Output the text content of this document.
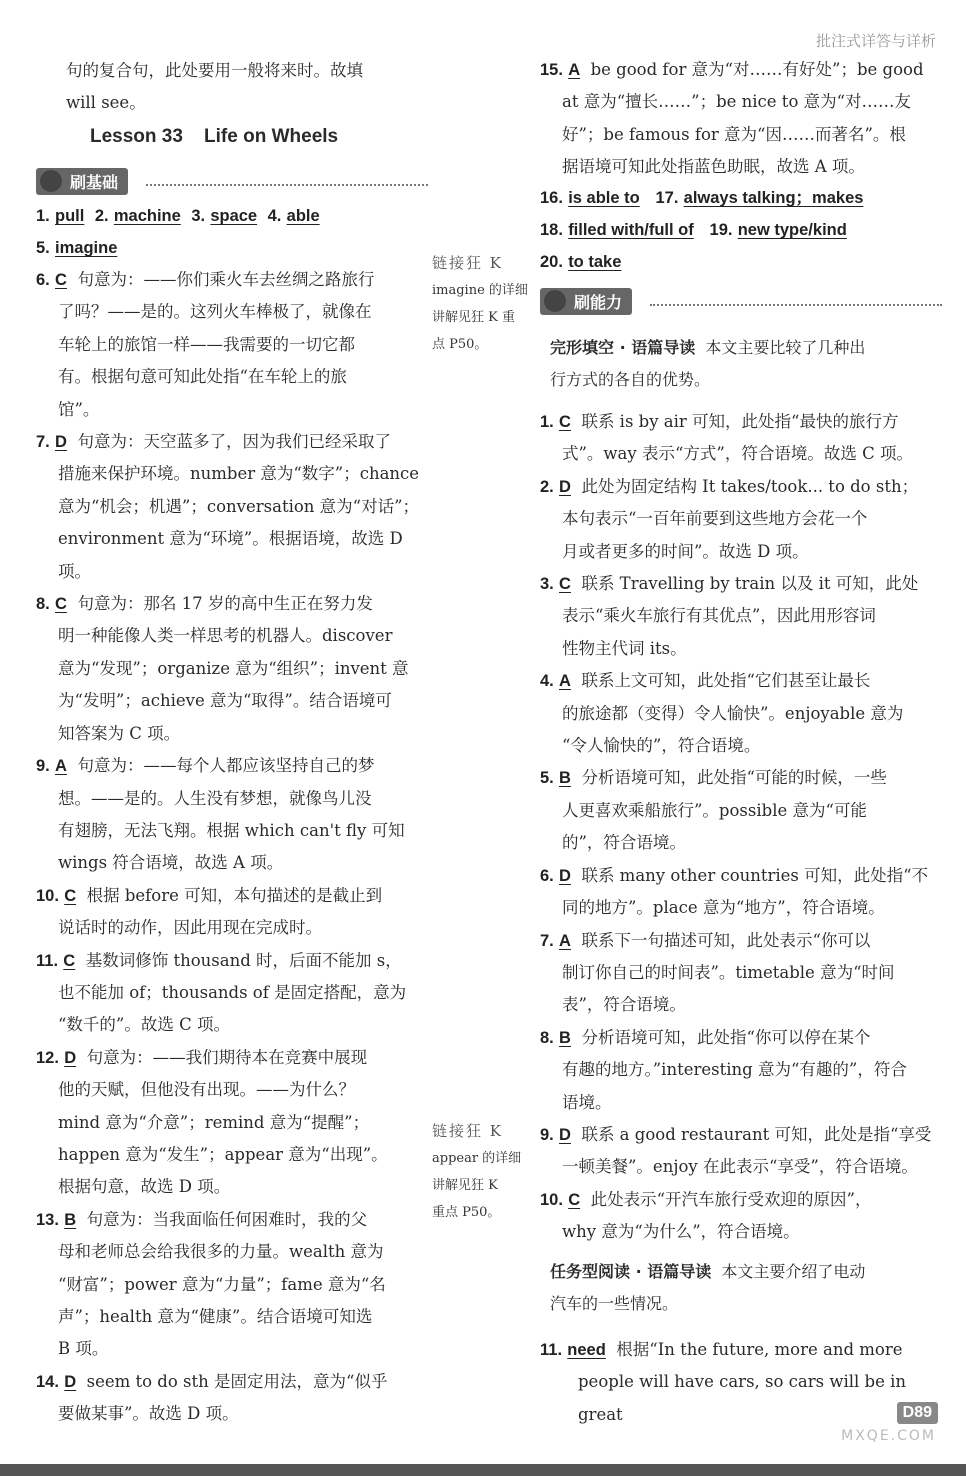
批注式详答与详析
句的复合句，此处要用一般将来时。故填
will see。
Lesson 33    Life on Wheels
刷基础
1. pull 2. machine 3. space 4. able
5. imagine
6. C 句意为：——你们乘火车去丝绸之路旅行
了吗？——是的。这列火车棒极了，就像在
车轮上的旅馆一样——我需要的一切它都
有。根据句意可知此处指“在车轮上的旅
馆”。
7. D 句意为：天空蓝多了，因为我们已经采取了
措施来保护环境。number 意为“数字”；chance
意为“机会；机遇”；conversation 意为“对话”；
environment 意为“环境”。根据语境，故选 D 项。
8. C 句意为：那名 17 岁的高中生正在努力发
明一种能像人类一样思考的机器人。discover
意为“发现”；organize 意为“组织”；invent 意
为“发明”；achieve 意为“取得”。结合语境可
知答案为 C 项。
9. A 句意为：——每个人都应该坚持自己的梦
想。——是的。人生没有梦想，就像鸟儿没
有翅膀，无法飞翔。根据 which can't fly 可知
wings 符合语境，故选 A 项。
10. C 根据 before 可知，本句描述的是截止到
说话时的动作，因此用现在完成时。
11. C 基数词修饰 thousand 时，后面不能加 s，
也不能加 of；thousands of 是固定搭配，意为
“数千的”。故选 C 项。
12. D 句意为：——我们期待本在竞赛中展现
他的天赋，但他没有出现。——为什么？
mind 意为“介意”；remind 意为“提醒”；
happen 意为“发生”；appear 意为“出现”。
根据句意，故选 D 项。
13. B 句意为：当我面临任何困难时，我的父
母和老师总会给我很多的力量。wealth 意为
“财富”；power 意为“力量”；fame 意为“名
声”；health 意为“健康”。结合语境可知选
B 项。
14. D seem to do sth 是固定用法，意为“似乎
要做某事”。故选 D 项。
链接狂 K
imagine 的详细
讲解见狂 K 重
点 P50。
链接狂 K
appear 的详细
讲解见狂 K
重点 P50。
15. A be good for 意为“对……有好处”；be good
at 意为“擅长……”；be nice to 意为“对……友
好”；be famous for 意为“因……而著名”。根
据语境可知此处指蓝色助眠，故选 A 项。
16. is able to 17. always talking；makes
18. filled with/full of 19. new type/kind
20. to take
刷能力
完形填空 · 语篇导读 本文主要比较了几种出
行方式的各自的优势。
1. C 联系 is by air 可知，此处指“最快的旅行方
式”。way 表示“方式”，符合语境。故选 C 项。
2. D 此处为固定结构 It takes/took... to do sth；
本句表示“一百年前要到这些地方会花一个
月或者更多的时间”。故选 D 项。
3. C 联系 Travelling by train 以及 it 可知，此处
表示“乘火车旅行有其优点”，因此用形容词
性物主代词 its。
4. A 联系上文可知，此处指“它们甚至让最长
的旅途都（变得）令人愉快”。enjoyable 意为
“令人愉快的”，符合语境。
5. B 分析语境可知，此处指“可能的时候，一些
人更喜欢乘船旅行”。possible 意为“可能
的”，符合语境。
6. D 联系 many other countries 可知，此处指“不
同的地方”。place 意为“地方”，符合语境。
7. A 联系下一句描述可知，此处表示“你可以
制订你自己的时间表”。timetable 意为“时间
表”，符合语境。
8. B 分析语境可知，此处指“你可以停在某个
有趣的地方。”interesting 意为“有趣的”，符合
语境。
9. D 联系 a good restaurant 可知，此处是指“享受
一顿美餐”。enjoy 在此表示“享受”，符合语境。
10. C 此处表示“开汽车旅行受欢迎的原因”，
why 意为“为什么”，符合语境。
任务型阅读 · 语篇导读 本文主要介绍了电动
汽车的一些情况。
11. need 根据“In the future, more and more
people will have cars, so cars will be in great	D89
MXQE.COM
